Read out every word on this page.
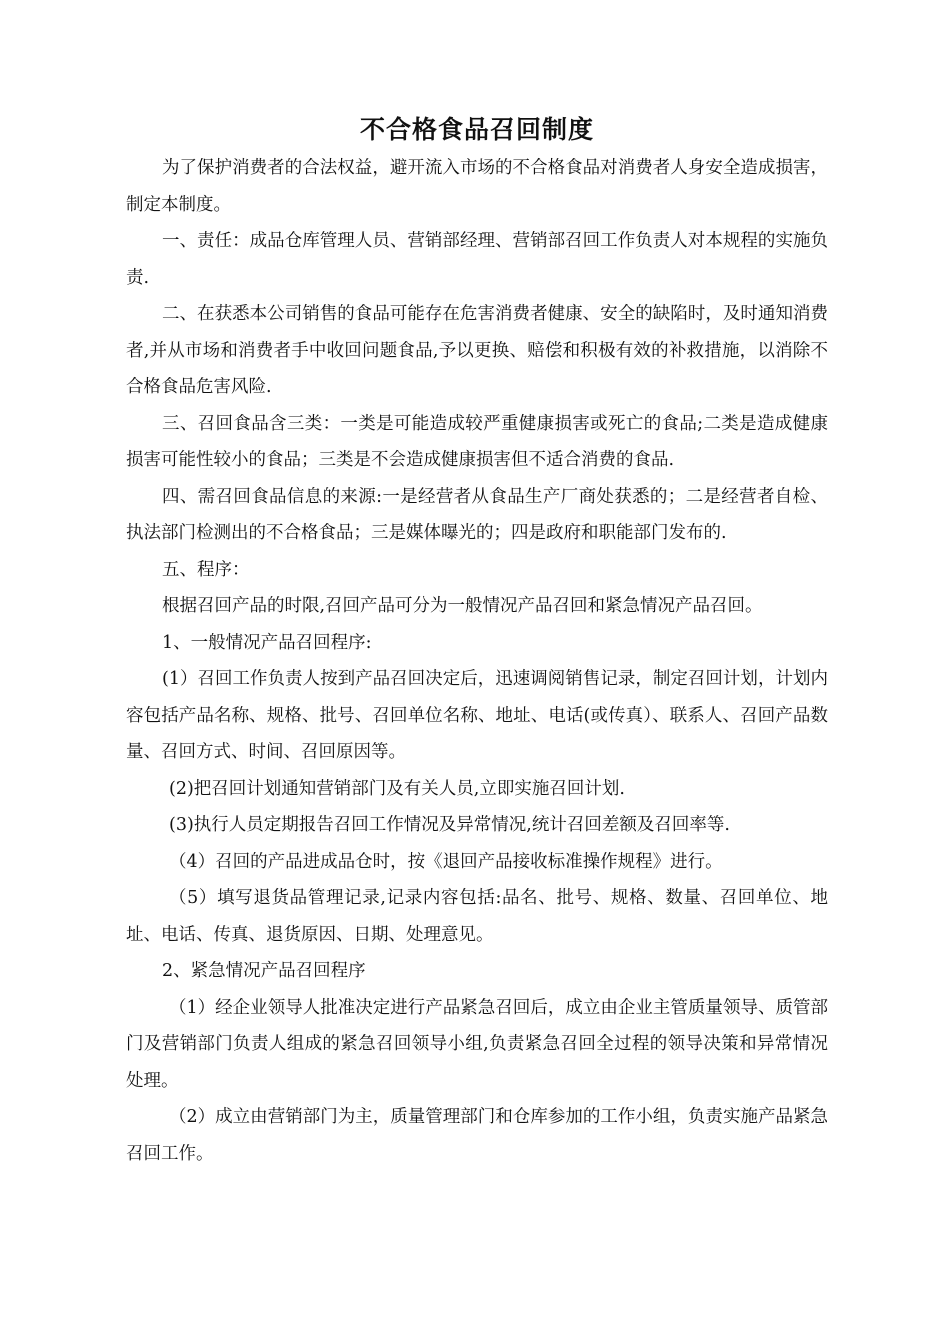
不合格食品召回制度

为了保护消费者的合法权益，避开流入市场的不合格食品对消费者人身安全造成损害，制定本制度。

一、责任：成品仓库管理人员、营销部经理、营销部召回工作负责人对本规程的实施负责.

二、在获悉本公司销售的食品可能存在危害消费者健康、安全的缺陷时，及时通知消费者,并从市场和消费者手中收回问题食品,予以更换、赔偿和积极有效的补救措施，以消除不合格食品危害风险.

三、召回食品含三类：一类是可能造成较严重健康损害或死亡的食品;二类是造成健康损害可能性较小的食品；三类是不会造成健康损害但不适合消费的食品.

四、需召回食品信息的来源:一是经营者从食品生产厂商处获悉的；二是经营者自检、执法部门检测出的不合格食品；三是媒体曝光的；四是政府和职能部门发布的.

五、程序：

根据召回产品的时限,召回产品可分为一般情况产品召回和紧急情况产品召回。

1、一般情况产品召回程序:

(1）召回工作负责人按到产品召回决定后，迅速调阅销售记录，制定召回计划，计划内容包括产品名称、规格、批号、召回单位名称、地址、电话(或传真）、联系人、召回产品数量、召回方式、时间、召回原因等。

(2)把召回计划通知营销部门及有关人员,立即实施召回计划.

(3)执行人员定期报告召回工作情况及异常情况,统计召回差额及召回率等.

（4）召回的产品进成品仓时，按《退回产品接收标准操作规程》进行。

（5）填写退货品管理记录,记录内容包括:品名、批号、规格、数量、召回单位、地址、电话、传真、退货原因、日期、处理意见。

2、紧急情况产品召回程序

（1）经企业领导人批准决定进行产品紧急召回后，成立由企业主管质量领导、质管部门及营销部门负责人组成的紧急召回领导小组,负责紧急召回全过程的领导决策和异常情况处理。

（2）成立由营销部门为主，质量管理部门和仓库参加的工作小组，负责实施产品紧急召回工作。
